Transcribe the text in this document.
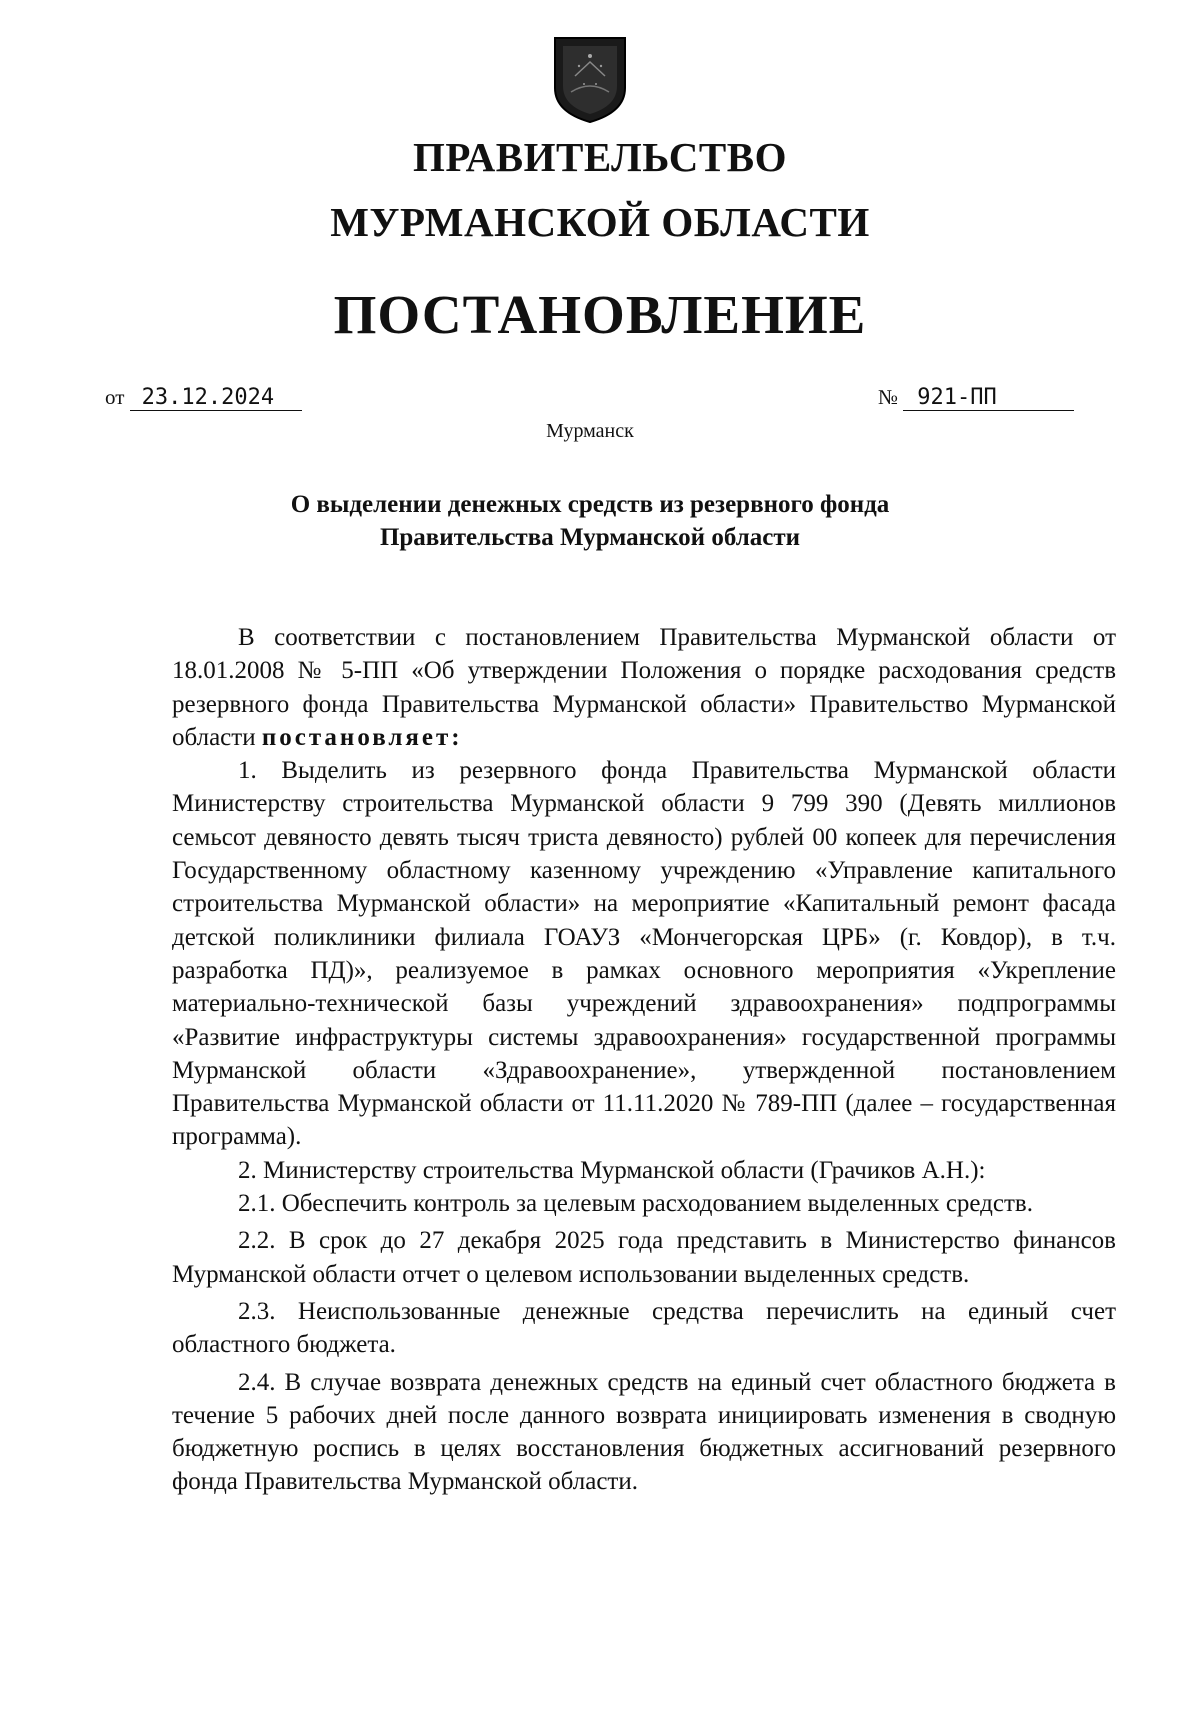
ПРАВИТЕЛЬСТВО
МУРМАНСКОЙ ОБЛАСТИ
ПОСТАНОВЛЕНИЕ
от 23.12.2024	№ 921-ПП
Мурманск
О выделении денежных средств из резервного фонда
Правительства Мурманской области

В соответствии с постановлением Правительства Мурманской области от 18.01.2008 № 5-ПП «Об утверждении Положения о порядке расходования средств резервного фонда Правительства Мурманской области» Правительство Мурманской области постановляет:

1. Выделить из резервного фонда Правительства Мурманской области Министерству строительства Мурманской области 9 799 390 (Девять миллионов семьсот девяносто девять тысяч триста девяносто) рублей 00 копеек для перечисления Государственному областному казенному учреждению «Управление капитального строительства Мурманской области» на мероприятие «Капитальный ремонт фасада детской поликлиники филиала ГОАУЗ «Мончегорская ЦРБ» (г. Ковдор), в т.ч. разработка ПД)», реализуемое в рамках основного мероприятия «Укрепление материально-технической базы учреждений здравоохранения» подпрограммы «Развитие инфраструктуры системы здравоохранения» государственной программы Мурманской области «Здравоохранение», утвержденной постановлением Правительства Мурманской области от 11.11.2020 № 789-ПП (далее – государственная программа).

2. Министерству строительства Мурманской области (Грачиков А.Н.):

2.1. Обеспечить контроль за целевым расходованием выделенных средств.

2.2. В срок до 27 декабря 2025 года представить в Министерство финансов Мурманской области отчет о целевом использовании выделенных средств.

2.3. Неиспользованные денежные средства перечислить на единый счет областного бюджета.

2.4. В случае возврата денежных средств на единый счет областного бюджета в течение 5 рабочих дней после данного возврата инициировать изменения в сводную бюджетную роспись в целях восстановления бюджетных ассигнований резервного фонда Правительства Мурманской области.
